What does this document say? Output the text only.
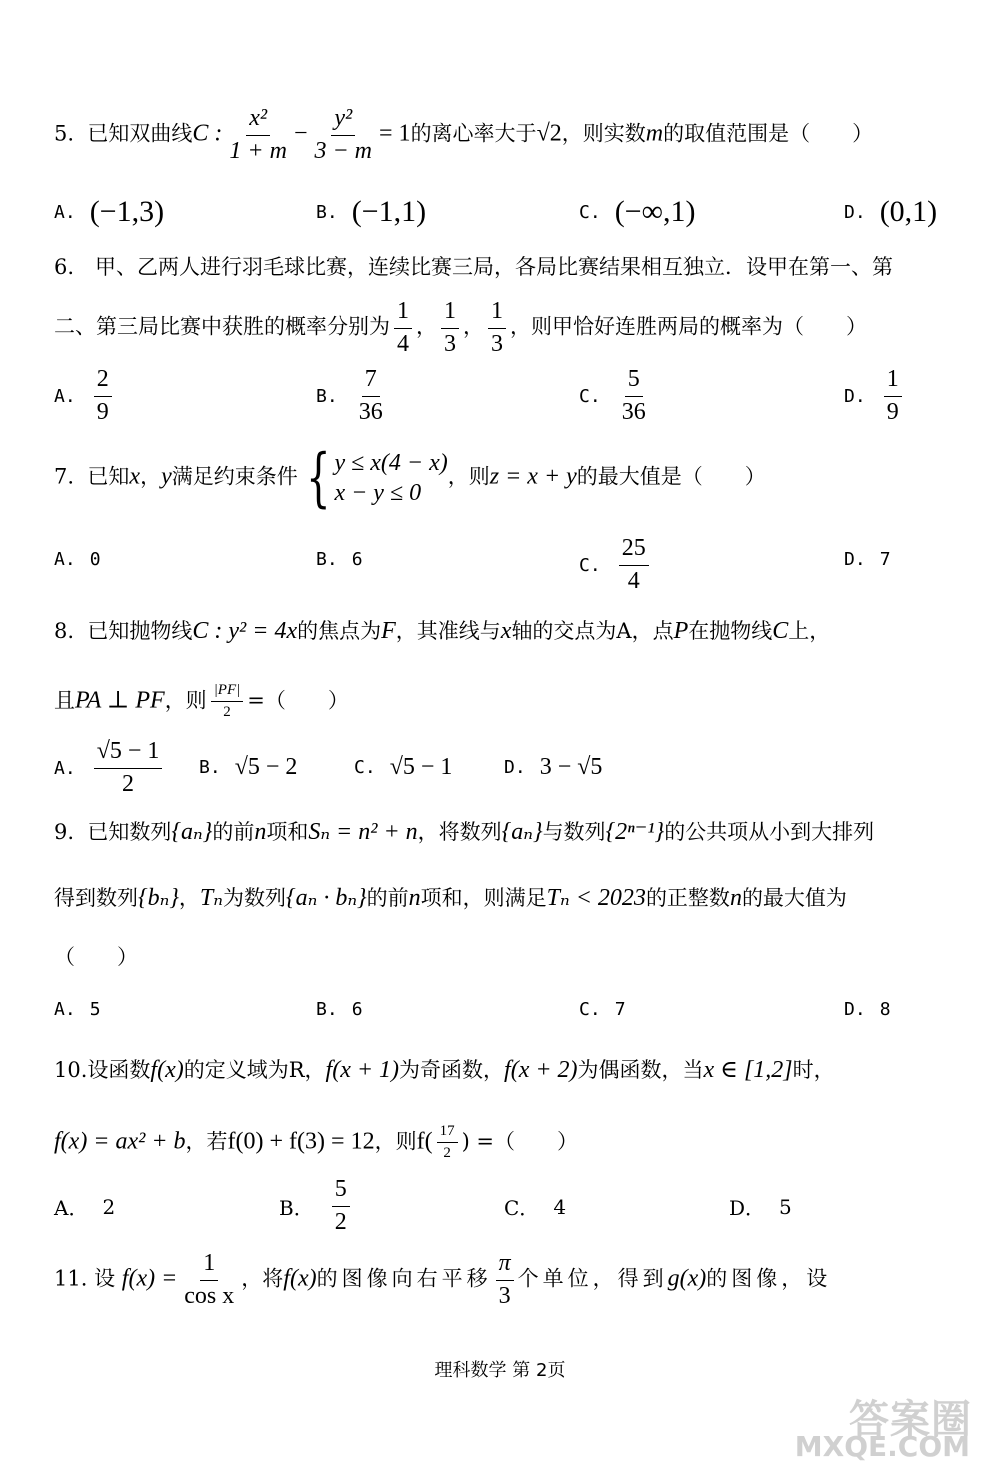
5. 已知双曲线C : $\frac{\text{x²}}{1 + m} - \frac{\text{y²}}{3 - m} = 1$的离心率大于√2，则实数m的取值范围是（　　）
A. (−1,3)	B. (−1,1)	C. (−∞,1)	D. (0,1)
6.　甲、乙两人进行羽毛球比赛，连续比赛三局，各局比赛结果相互独立．设甲在第一、第
二、第三局比赛中获胜的概率分别为 $\frac{1}{4}$ ， $\frac{1}{3}$ ， $\frac{1}{3}$ ，则甲恰好连胜两局的概率为（　　）
A. $\frac{2}{9}$	B. $\frac{7}{36}$	C. $\frac{5}{36}$	D. $\frac{1}{9}$
7. 已知x，y满足约束条件 { y ≤ x(4 − x)
x − y ≤ 0
，则z = x + y的最大值是（　　）
A. 0	B. 6	C. $\frac{25}{4}$	D. 7
8. 已知抛物线C : y² = 4x的焦点为F，其准线与x轴的交点为A，点P在抛物线C上，
且PA ⊥ PF，则 $\frac{|PF|}{2}$ =（　　）
A. $\frac{√5 - 1}{2} B$. √5 − 2	C. √5 − 1	D. 3 − √5
9. 已知数列{aₙ}的前n项和Sₙ = n² + n，将数列{aₙ}与数列{2ⁿ⁻¹}的公共项从小到大排列
得到数列{bₙ}，Tₙ为数列{aₙ · bₙ}的前n项和，则满足Tₙ < 2023的正整数n的最大值为
（　　）
A. 5	B. 6	C. 7	D. 8
10.设函数f(x)的定义域为R，f(x + 1)为奇函数，f(x + 2)为偶函数，当x ∈ [1,2]时，
f(x) = ax² + b，若f(0) + f(3) = 12，则$f( \frac{17}{2}$ ) =（　　）
A． 2	B． $\frac{5}{2}$	C． 4	D． 5
11. 设 $f(x) = \frac{1}{\text{cos x}}$ ，将f(x)的图像向右平移 $\frac{\pi}{3}$ 个单位，得到g(x)的图像，设
理科数学 第 2页
答案圈
MXQE.COM
